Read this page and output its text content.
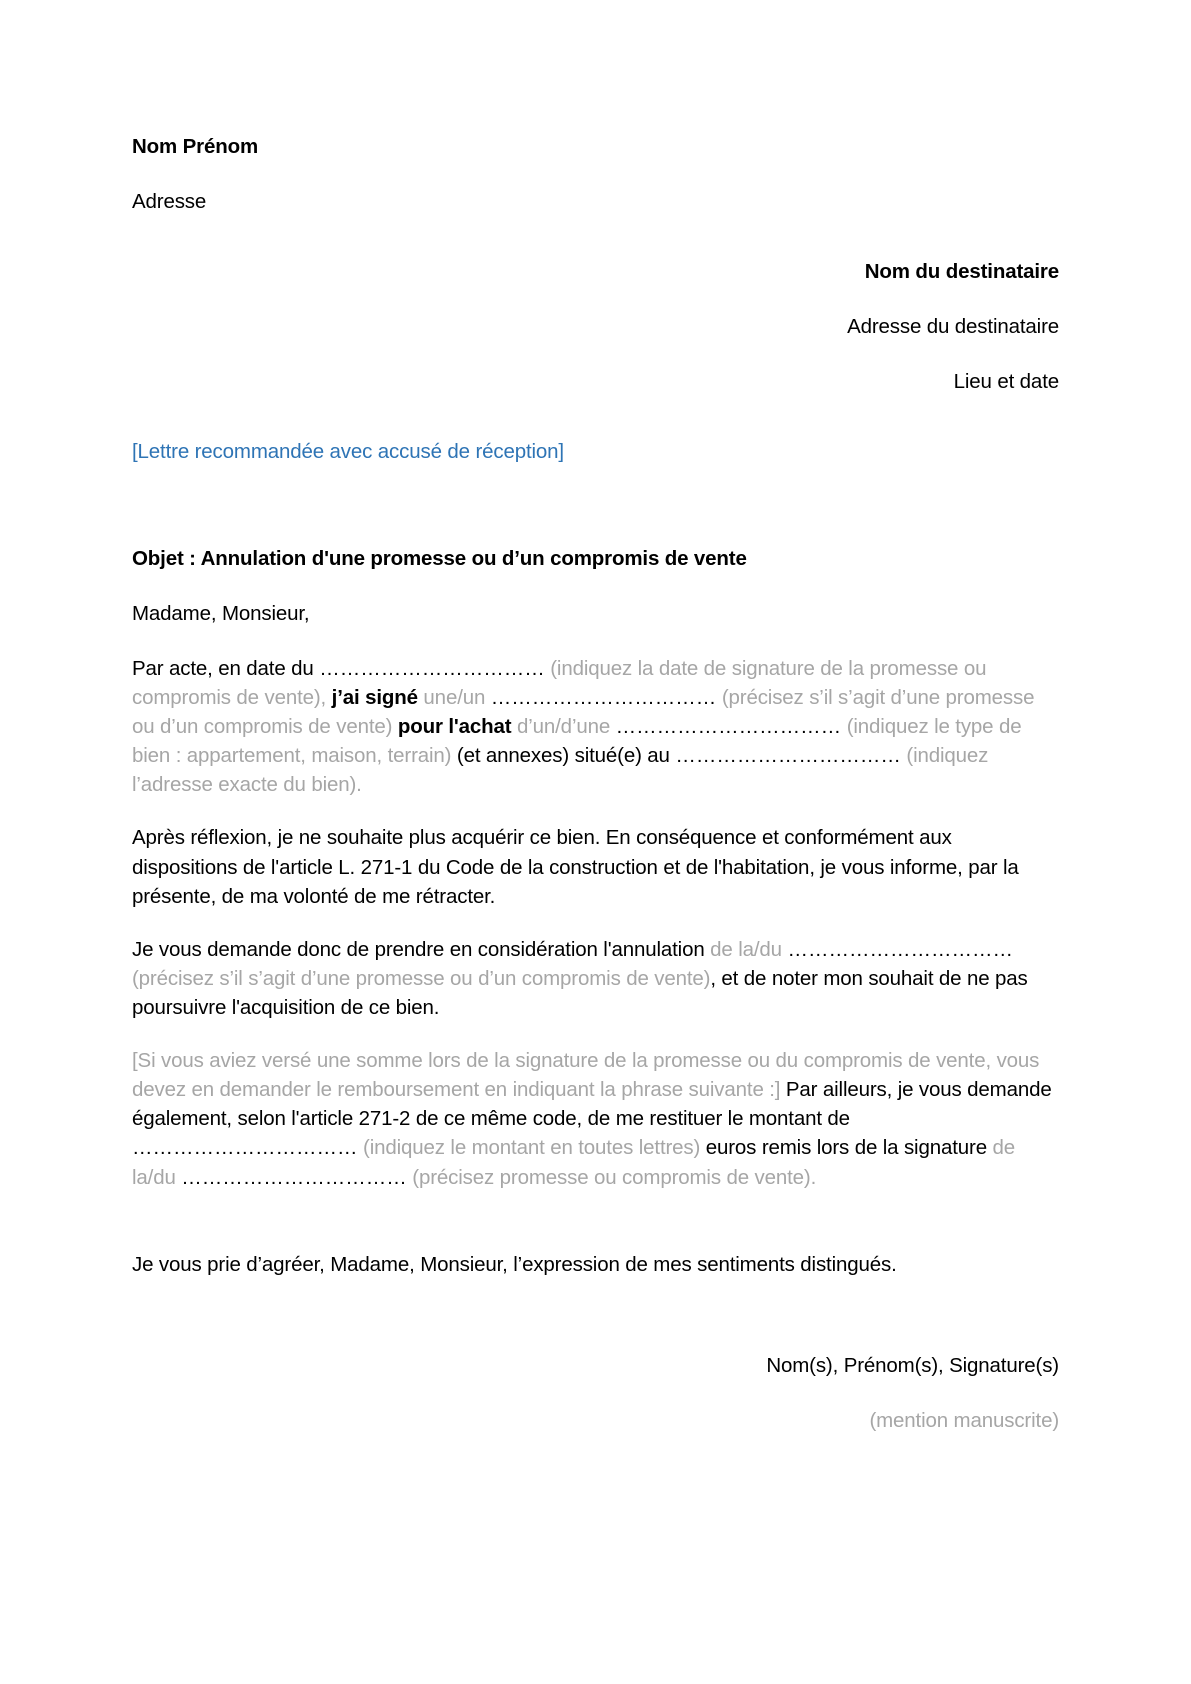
Nom Prénom
Adresse
Nom du destinataire
Adresse du destinataire
Lieu et date
[Lettre recommandée avec accusé de réception]
Objet : Annulation d'une promesse ou d’un compromis de vente
Madame, Monsieur,

Par acte, en date du …………………………… (indiquez la date de signature de la promesse ou compromis de vente), j’ai signé une/un …………………………… (précisez s’il s’agit d’une promesse ou d’un compromis de vente) pour l'achat d’un/d’une …………………………… (indiquez le type de bien : appartement, maison, terrain) (et annexes) situé(e) au …………………………… (indiquez l’adresse exacte du bien).

Après réflexion, je ne souhaite plus acquérir ce bien. En conséquence et conformément aux dispositions de l'article L. 271-1 du Code de la construction et de l'habitation, je vous informe, par la présente, de ma volonté de me rétracter.

Je vous demande donc de prendre en considération l'annulation de la/du …………………………… (précisez s’il s’agit d’une promesse ou d’un compromis de vente), et de noter mon souhait de ne pas poursuivre l'acquisition de ce bien.

[Si vous aviez versé une somme lors de la signature de la promesse ou du compromis de vente, vous devez en demander le remboursement en indiquant la phrase suivante :] Par ailleurs, je vous demande également, selon l'article 271-2 de ce même code, de me restituer le montant de …………………………… (indiquez le montant en toutes lettres) euros remis lors de la signature de la/du …………………………… (précisez promesse ou compromis de vente).

Je vous prie d’agréer, Madame, Monsieur, l’expression de mes sentiments distingués.
Nom(s), Prénom(s), Signature(s)
(mention manuscrite)
